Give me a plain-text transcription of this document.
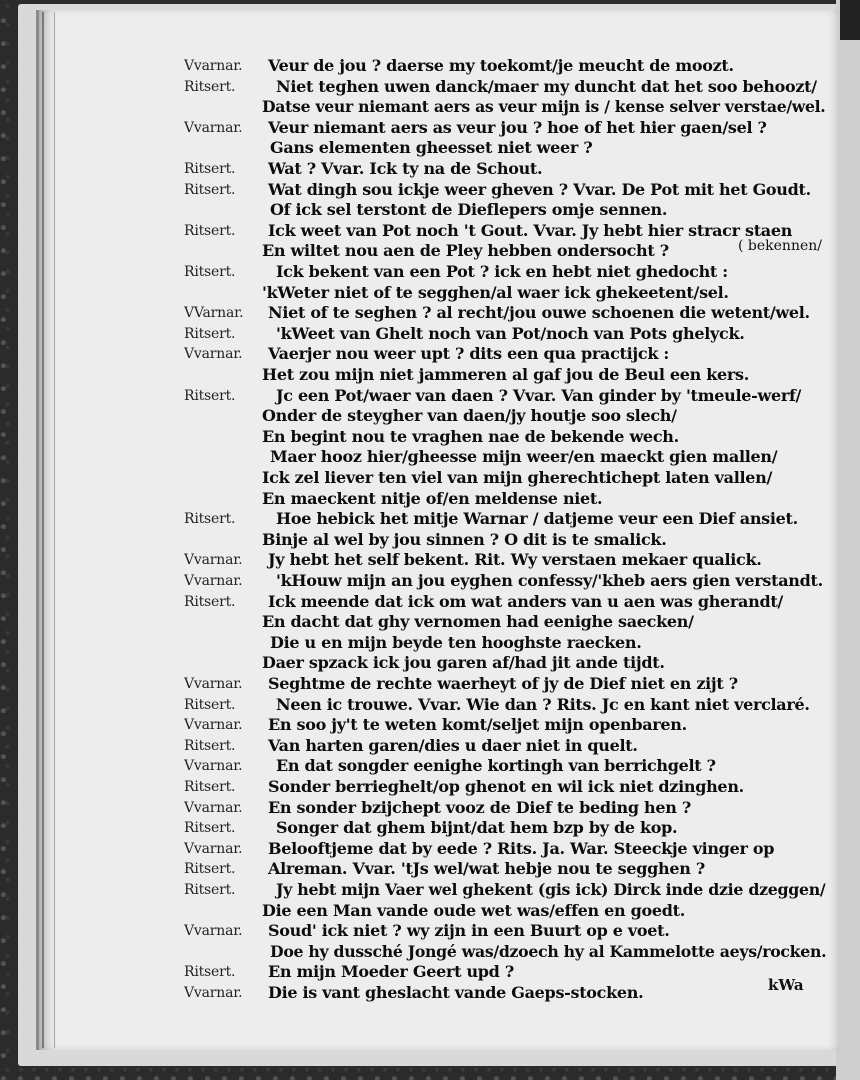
Vvarnar.	Veur de jou ? daerse my toekomt/je meucht de moozt.
Ritsert.	Niet teghen uwen danck/maer my duncht dat het soo behoozt/
Datse veur niemant aers as veur mijn is / kense selver verstae/wel.
Vvarnar.	Veur niemant aers as veur jou ? hoe of het hier gaen/sel ?
Gans elementen gheesset niet weer ?
Ritsert.	Wat ? Vvar. Ick ty na de Schout.
Ritsert.	Wat dingh sou ickje weer gheven ? Vvar. De Pot mit het Goudt.
Of ick sel terstont de Dieflepers omje sennen.
Ritsert.	Ick weet van Pot noch 't Gout. Vvar. Jy hebt hier stracr staen
En wiltet nou aen de Pley hebben ondersocht ?
Ritsert.	Ick bekent van een Pot ? ick en hebt niet ghedocht :
'kWeter niet of te segghen/al waer ick ghekeetent/sel.
VVarnar.	Niet of te seghen ? al recht/jou ouwe schoenen die wetent/wel.
Ritsert.	'kWeet van Ghelt noch van Pot/noch van Pots ghelyck.
Vvarnar.	Vaerjer nou weer upt ? dits een qua practijck :
Het zou mijn niet jammeren al gaf jou de Beul een kers.
Ritsert.	Jc een Pot/waer van daen ? Vvar. Van ginder by 'tmeule-werf/
Onder de steygher van daen/jy houtje soo slech/
En begint nou te vraghen nae de bekende wech.
Maer hooz hier/gheesse mijn weer/en maeckt gien mallen/
Ick zel liever ten viel van mijn gherechtichept laten vallen/
En maeckent nitje of/en meldense niet.
Ritsert.	Hoe hebick het mitje Warnar / datjeme veur een Dief ansiet.
Binje al wel by jou sinnen ? O dit is te smalick.
Vvarnar.	Jy hebt het self bekent. Rit. Wy verstaen mekaer qualick.
Vvarnar.	'kHouw mijn an jou eyghen confessy/'kheb aers gien verstandt.
Ritsert.	Ick meende dat ick om wat anders van u aen was gherandt/
En dacht dat ghy vernomen had eenighe saecken/
Die u en mijn beyde ten hooghste raecken.
Daer spzack ick jou garen af/had jit ande tijdt.
Vvarnar.	Seghtme de rechte waerheyt of jy de Dief niet en zijt ?
Ritsert.	Neen ic trouwe. Vvar. Wie dan ? Rits. Jc en kant niet verclaré.
Vvarnar.	En soo jy't te weten komt/seljet mijn openbaren.
Ritsert.	Van harten garen/dies u daer niet in quelt.
Vvarnar.	En dat songder eenighe kortingh van berrichgelt ?
Ritsert.	Sonder berrieghelt/op ghenot en wil ick niet dzinghen.
Vvarnar.	En sonder bzijchept vooz de Dief te beding hen ?
Ritsert.	Songer dat ghem bijnt/dat hem bzp by de kop.
Vvarnar.	Belooftjeme dat by eede ? Rits. Ja. War. Steeckje vinger op
Ritsert.	Alreman. Vvar. 'tJs wel/wat hebje nou te segghen ?
Ritsert.	Jy hebt mijn Vaer wel ghekent (gis ick) Dirck inde dzie dzeggen/
Die een Man vande oude wet was/effen en goedt.
Vvarnar.	Soud' ick niet ? wy zijn in een Buurt op e voet.
Doe hy dussché Jongé was/dzoech hy al Kammelotte aeys/rocken.
Ritsert.	En mijn Moeder Geert upd ?
Vvarnar.	Die is vant gheslacht vande Gaeps-stocken.
( bekennen/
kWa
